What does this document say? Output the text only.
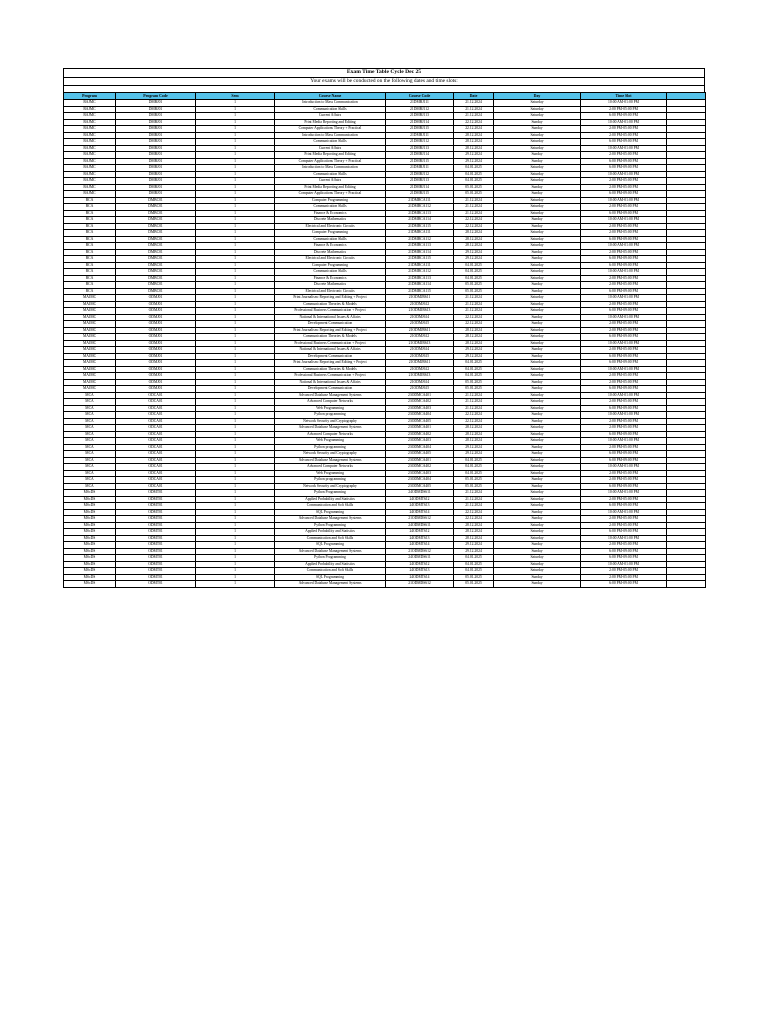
Exam Time Table Cycle Dec 25
Your exams will be conducted on the following dates and time slots:
Program	Program Code	Sem	Course Name	Course Code	Date	Day	Time Slot	
BAJMC	DMBJ01	1	Introduction to Mass Communication	21DMBJ111	21.12.2024	Saturday	10:00 AM-01:00 PM	
BAJMC	DMBJ01	1	Communication Skills	21DMBJ112	21.12.2024	Saturday	2:00 PM-05:00 PM	
BAJMC	DMBJ01	1	Current Affairs	21DMBJ113	21.12.2024	Saturday	6:00 PM-09:00 PM	
BAJMC	DMBJ01	1	Print Media Reporting and Editing	21DMBJ114	22.12.2024	Sunday	10:00 AM-01:00 PM	
BAJMC	DMBJ01	1	Computer Applications Theory + Practical	21DMBJ115	22.12.2024	Sunday	2:00 PM-05:00 PM	
BAJMC	DMBJ01	1	Introduction to Mass Communication	21DMBJ111	28.12.2024	Saturday	2:00 PM-05:00 PM	
BAJMC	DMBJ01	1	Communication Skills	21DMBJ112	28.12.2024	Saturday	6:00 PM-09:00 PM	
BAJMC	DMBJ01	1	Current Affairs	21DMBJ113	28.12.2024	Saturday	10:00 AM-01:00 PM	
BAJMC	DMBJ01	1	Print Media Reporting and Editing	21DMBJ114	29.12.2024	Sunday	2:00 PM-05:00 PM	
BAJMC	DMBJ01	1	Computer Applications Theory + Practical	21DMBJ115	29.12.2024	Sunday	6:00 PM-09:00 PM	
BAJMC	DMBJ01	1	Introduction to Mass Communication	21DMBJ111	04.01.2025	Saturday	6:00 PM-09:00 PM	
BAJMC	DMBJ01	1	Communication Skills	21DMBJ112	04.01.2025	Saturday	10:00 AM-01:00 PM	
BAJMC	DMBJ01	1	Current Affairs	21DMBJ113	04.01.2025	Saturday	2:00 PM-05:00 PM	
BAJMC	DMBJ01	1	Print Media Reporting and Editing	21DMBJ114	05.01.2025	Sunday	2:00 PM-05:00 PM	
BAJMC	DMBJ01	1	Computer Applications Theory + Practical	21DMBJ115	05.01.2025	Sunday	6:00 PM-09:00 PM	
BCA	DMBC01	1	Computer Programming	21DMBCA111	21.12.2024	Saturday	10:00 AM-01:00 PM	
BCA	DMBC01	1	Communication Skills	21DMBCA112	21.12.2024	Saturday	2:00 PM-05:00 PM	
BCA	DMBC01	1	Finance & Economics	21DMBCA113	21.12.2024	Saturday	6:00 PM-09:00 PM	
BCA	DMBC01	1	Discrete Mathematics	21DMBCA114	22.12.2024	Sunday	10:00 AM-01:00 PM	
BCA	DMBC01	1	Electrical and Electronic Circuits	21DMBCA115	22.12.2024	Sunday	2:00 PM-05:00 PM	
BCA	DMBC01	1	Computer Programming	21DMBCA111	28.12.2024	Saturday	2:00 PM-05:00 PM	
BCA	DMBC01	1	Communication Skills	21DMBCA112	28.12.2024	Saturday	6:00 PM-09:00 PM	
BCA	DMBC01	1	Finance & Economics	21DMBCA113	28.12.2024	Saturday	10:00 AM-01:00 PM	
BCA	DMBC01	1	Discrete Mathematics	21DMBCA114	29.12.2024	Sunday	2:00 PM-05:00 PM	
BCA	DMBC01	1	Electrical and Electronic Circuits	21DMBCA115	29.12.2024	Sunday	6:00 PM-09:00 PM	
BCA	DMBC01	1	Computer Programming	21DMBCA111	04.01.2025	Saturday	6:00 PM-09:00 PM	
BCA	DMBC01	1	Communication Skills	21DMBCA112	04.01.2025	Saturday	10:00 AM-01:00 PM	
BCA	DMBC01	1	Finance & Economics	21DMBCA113	04.01.2025	Saturday	2:00 PM-05:00 PM	
BCA	DMBC01	1	Discrete Mathematics	21DMBCA114	05.01.2025	Sunday	2:00 PM-05:00 PM	
BCA	DMBC01	1	Electrical and Electronic Circuits	21DMBCA115	05.01.2025	Sunday	6:00 PM-09:00 PM	
MAJMC	ODMJ01	1	Print Journalism: Reporting and Editing + Project	21ODMJB611	21.12.2024	Saturday	10:00 AM-01:00 PM	
MAJMC	ODMJ01	1	Communication Theories & Models	21ODMJ612	21.12.2024	Saturday	2:00 PM-05:00 PM	
MAJMC	ODMJ01	1	Professional Business Communication + Project	21ODMJB613	21.12.2024	Saturday	6:00 PM-09:00 PM	
MAJMC	ODMJ01	1	National & International Issues & Affairs	21ODMJ614	22.12.2024	Sunday	10:00 AM-01:00 PM	
MAJMC	ODMJ01	1	Development Communication	21ODMJ615	22.12.2024	Sunday	2:00 PM-05:00 PM	
MAJMC	ODMJ01	1	Print Journalism: Reporting and Editing + Project	21ODMJB611	28.12.2024	Saturday	2:00 PM-05:00 PM	
MAJMC	ODMJ01	1	Communication Theories & Models	21ODMJ612	28.12.2024	Saturday	6:00 PM-09:00 PM	
MAJMC	ODMJ01	1	Professional Business Communication + Project	21ODMJB613	28.12.2024	Saturday	10:00 AM-01:00 PM	
MAJMC	ODMJ01	1	National & International Issues & Affairs	21ODMJ614	29.12.2024	Sunday	2:00 PM-05:00 PM	
MAJMC	ODMJ01	1	Development Communication	21ODMJ615	29.12.2024	Sunday	6:00 PM-09:00 PM	
MAJMC	ODMJ01	1	Print Journalism: Reporting and Editing + Project	21ODMJB611	04.01.2025	Saturday	6:00 PM-09:00 PM	
MAJMC	ODMJ01	1	Communication Theories & Models	21ODMJ612	04.01.2025	Saturday	10:00 AM-01:00 PM	
MAJMC	ODMJ01	1	Professional Business Communication + Project	21ODMJB613	04.01.2025	Saturday	2:00 PM-05:00 PM	
MAJMC	ODMJ01	1	National & International Issues & Affairs	21ODMJ614	05.01.2025	Sunday	2:00 PM-05:00 PM	
MAJMC	ODMJ01	1	Development Communication	21ODMJ615	05.01.2025	Sunday	6:00 PM-09:00 PM	
MCA	ODCA01	1	Advanced Database Management Systems	23ODMCA401	21.12.2024	Saturday	10:00 AM-01:00 PM	
MCA	ODCA01	1	Advanced Computer Networks	23ODMCA402	21.12.2024	Saturday	2:00 PM-05:00 PM	
MCA	ODCA01	1	Web Programming	23ODMCA403	21.12.2024	Saturday	6:00 PM-09:00 PM	
MCA	ODCA01	1	Python programming	23ODMCA404	22.12.2024	Sunday	10:00 AM-01:00 PM	
MCA	ODCA01	1	Network Security and Cryptography	23ODMCA405	22.12.2024	Sunday	2:00 PM-05:00 PM	
MCA	ODCA01	1	Advanced Database Management Systems	23ODMCA401	28.12.2024	Saturday	2:00 PM-05:00 PM	
MCA	ODCA01	1	Advanced Computer Networks	23ODMCA402	28.12.2024	Saturday	6:00 PM-09:00 PM	
MCA	ODCA01	1	Web Programming	23ODMCA403	28.12.2024	Saturday	10:00 AM-01:00 PM	
MCA	ODCA01	1	Python programming	23ODMCA404	29.12.2024	Sunday	2:00 PM-05:00 PM	
MCA	ODCA01	1	Network Security and Cryptography	23ODMCA405	29.12.2024	Sunday	6:00 PM-09:00 PM	
MCA	ODCA01	1	Advanced Database Management Systems	23ODMCA401	04.01.2025	Saturday	6:00 PM-09:00 PM	
MCA	ODCA01	1	Advanced Computer Networks	23ODMCA402	04.01.2025	Saturday	10:00 AM-01:00 PM	
MCA	ODCA01	1	Web Programming	23ODMCA403	04.01.2025	Saturday	2:00 PM-05:00 PM	
MCA	ODCA01	1	Python programming	23ODMCA404	05.01.2025	Sunday	2:00 PM-05:00 PM	
MCA	ODCA01	1	Network Security and Cryptography	23ODMCA405	05.01.2025	Sunday	6:00 PM-09:00 PM	
MScDS	ODMT01	1	Python Programming	24ODMDS611	21.12.2024	Saturday	10:00 AM-01:00 PM	
MScDS	ODMT01	1	Applied Probability and Statistics	24ODMT612	21.12.2024	Saturday	2:00 PM-05:00 PM	
MScDS	ODMT01	1	Communication and Soft Skills	24ODMT613	21.12.2024	Saturday	6:00 PM-09:00 PM	
MScDS	ODMT01	1	SQL Programming	24ODMT614	22.12.2024	Sunday	10:00 AM-01:00 PM	
MScDS	ODMT01	1	Advanced Database Management Systems	21ODMDS612	22.12.2024	Sunday	2:00 PM-05:00 PM	
MScDS	ODMT01	1	Python Programming	24ODMDS611	28.12.2024	Saturday	2:00 PM-05:00 PM	
MScDS	ODMT01	1	Applied Probability and Statistics	24ODMT612	28.12.2024	Saturday	6:00 PM-09:00 PM	
MScDS	ODMT01	1	Communication and Soft Skills	24ODMT613	28.12.2024	Saturday	10:00 AM-01:00 PM	
MScDS	ODMT01	1	SQL Programming	24ODMT614	29.12.2024	Sunday	2:00 PM-05:00 PM	
MScDS	ODMT01	1	Advanced Database Management Systems	21ODMDS612	29.12.2024	Sunday	6:00 PM-09:00 PM	
MScDS	ODMT01	1	Python Programming	24ODMDS611	04.01.2025	Saturday	6:00 PM-09:00 PM	
MScDS	ODMT01	1	Applied Probability and Statistics	24ODMT612	04.01.2025	Saturday	10:00 AM-01:00 PM	
MScDS	ODMT01	1	Communication and Soft Skills	24ODMT613	04.01.2025	Saturday	2:00 PM-05:00 PM	
MScDS	ODMT01	1	SQL Programming	24ODMT614	05.01.2025	Sunday	2:00 PM-05:00 PM	
MScDS	ODMT01	1	Advanced Database Management Systems	21ODMDS612	05.01.2025	Sunday	6:00 PM-09:00 PM	
